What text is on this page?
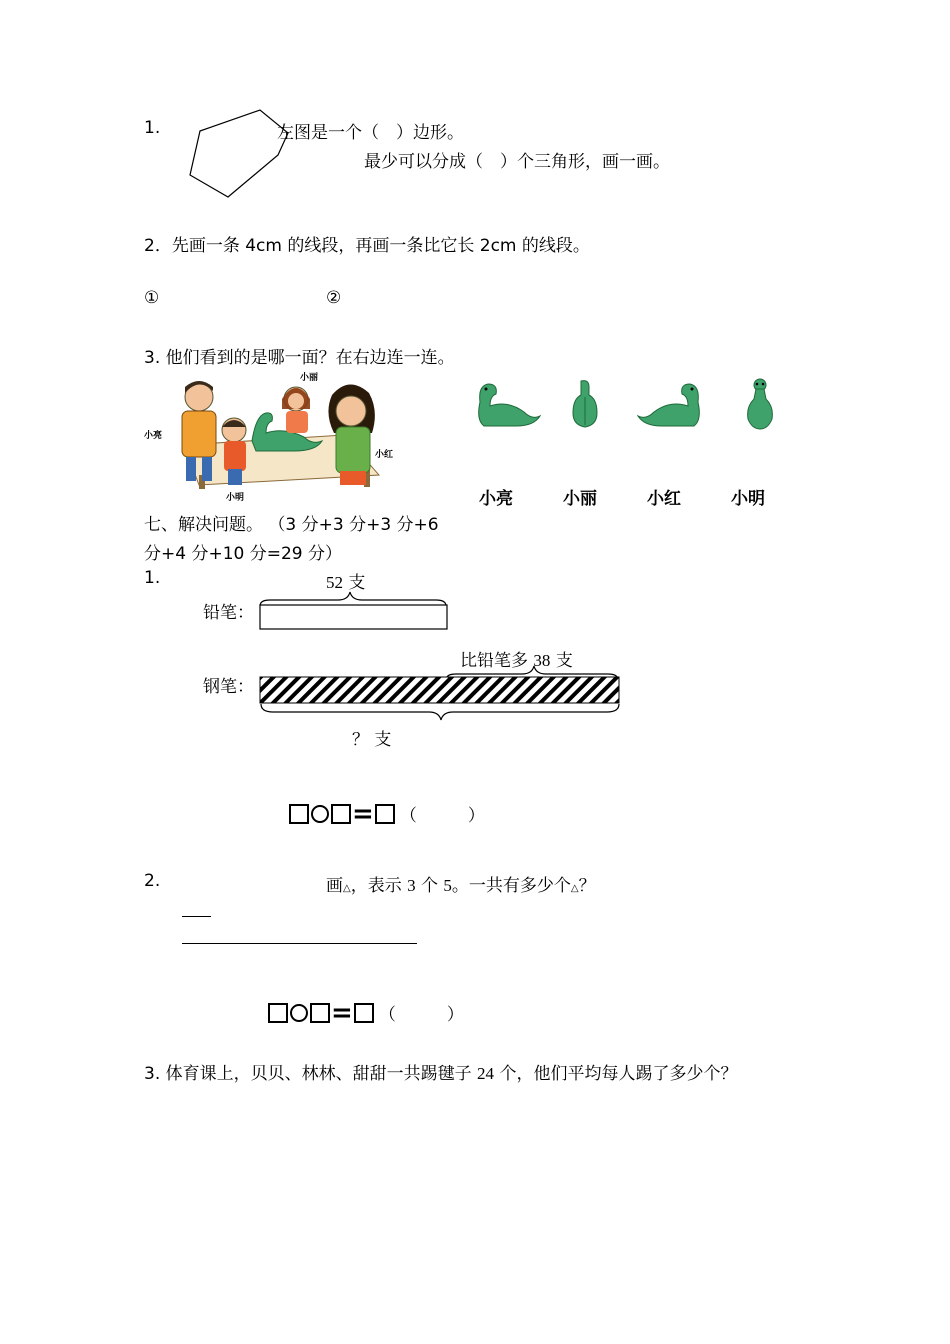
1.	左图是一个（　）边形。
最少可以分成（　）个三角形，画一画。
2．先画一条 4cm 的线段，再画一条比它长 2cm 的线段。
①	②
3. 他们看到的是哪一面？在右边连一连。
小丽
小亮
小红
小明	小亮	小丽	小红	小明
七、解决问题。 （3 分+3 分+3 分+6
分+4 分+10 分=29 分）
1.	52 支
铅笔：
比铅笔多 38 支
钢笔：
？ 支
= （　　　）
2.	画△，表示 3 个 5。一共有多少个△？
= （　　　）
3. 体育课上，贝贝、林林、甜甜一共踢毽子 24 个，他们平均每人踢了多少个？
